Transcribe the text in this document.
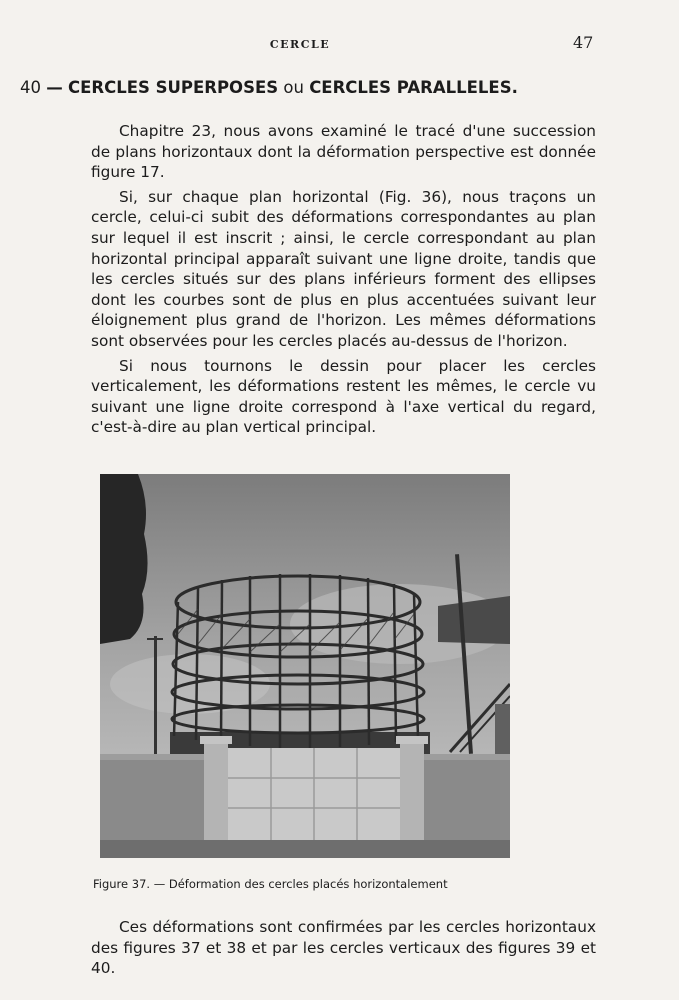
CERCLE	47
40 — CERCLES SUPERPOSES ou CERCLES PARALLELES.

Chapitre 23, nous avons examiné le tracé d'une succession de plans horizontaux dont la déformation perspective est donnée figure 17.

Si, sur chaque plan horizontal (Fig. 36), nous traçons un cercle, celui-ci subit des déformations correspondantes au plan sur lequel il est inscrit ; ainsi, le cercle correspondant au plan horizontal principal apparaît suivant une ligne droite, tandis que les cercles situés sur des plans inférieurs forment des ellipses dont les courbes sont de plus en plus accentuées suivant leur éloignement plus grand de l'horizon. Les mêmes déformations sont observées pour les cercles placés au-dessus de l'horizon.

Si nous tournons le dessin pour placer les cercles verticalement, les déformations restent les mêmes, le cercle vu suivant une ligne droite correspond à l'axe vertical du regard, c'est-à-dire au plan vertical principal.

Figure 37. — Déformation des cercles placés horizontalement

Ces déformations sont confirmées par les cercles horizontaux des figures 37 et 38 et par les cercles verticaux des figures 39 et 40.
